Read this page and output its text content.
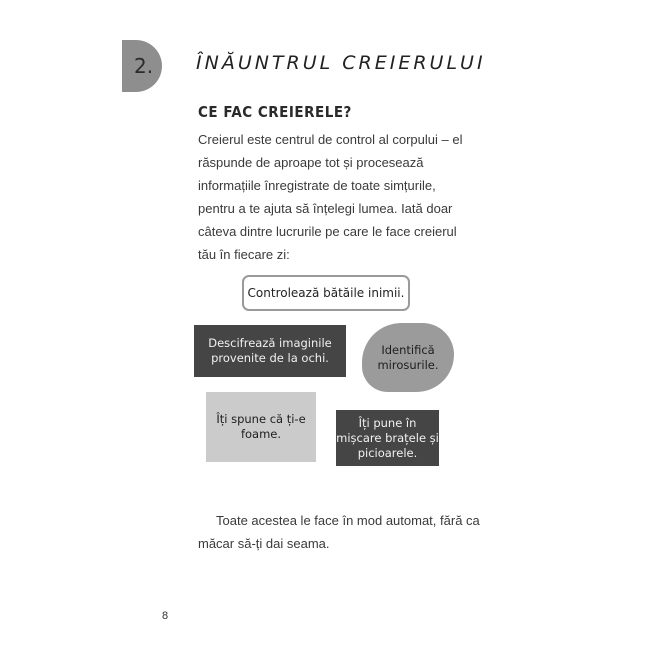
2. ÎNĂUNTRUL CREIERULUI
CE FAC CREIERELE?

Creierul este centrul de control al corpului – el răspunde de aproape tot și procesează informațiile înregistrate de toate simțurile, pentru a te ajuta să înțelegi lumea. Iată doar câteva dintre lucrurile pe care le face creierul tău în fiecare zi:

Controlează bătăile inimii.
Descifrează imaginile provenite de la ochi.
Identifică mirosurile.
Îți spune că ți-e foame.
Îți pune în mișcare brațele și picioarele.

Toate acestea le face în mod automat, fără ca măcar să-ți dai seama.

8
